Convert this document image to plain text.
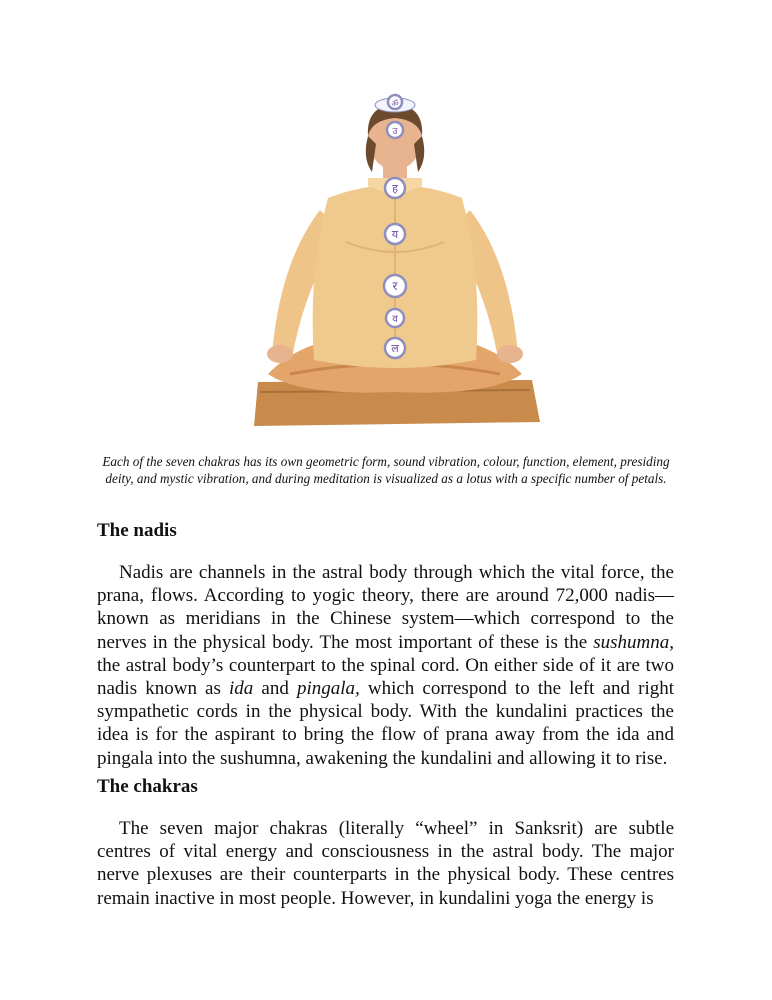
ॐ
उ
ह
य
र
व
ल
Each of the seven chakras has its own geometric form, sound vibration, colour, function, element, presiding deity, and mystic vibration, and during meditation is visualized as a lotus with a specific number of petals.
The nadis

Nadis are channels in the astral body through which the vital force, the prana, flows. According to yogic theory, there are around 72,000 nadis—known as meridians in the Chinese system—which correspond to the nerves in the physical body. The most important of these is the sushumna, the astral body’s counterpart to the spinal cord. On either side of it are two nadis known as ida and pingala, which correspond to the left and right sympathetic cords in the physical body. With the kundalini practices the idea is for the aspirant to bring the flow of prana away from the ida and pingala into the sushumna, awakening the kundalini and allowing it to rise.

The chakras

The seven major chakras (literally “wheel” in Sanksrit) are subtle centres of vital energy and consciousness in the astral body. The major nerve plexuses are their counterparts in the physical body. These centres remain inactive in most people. However, in kundalini yoga the energy is
